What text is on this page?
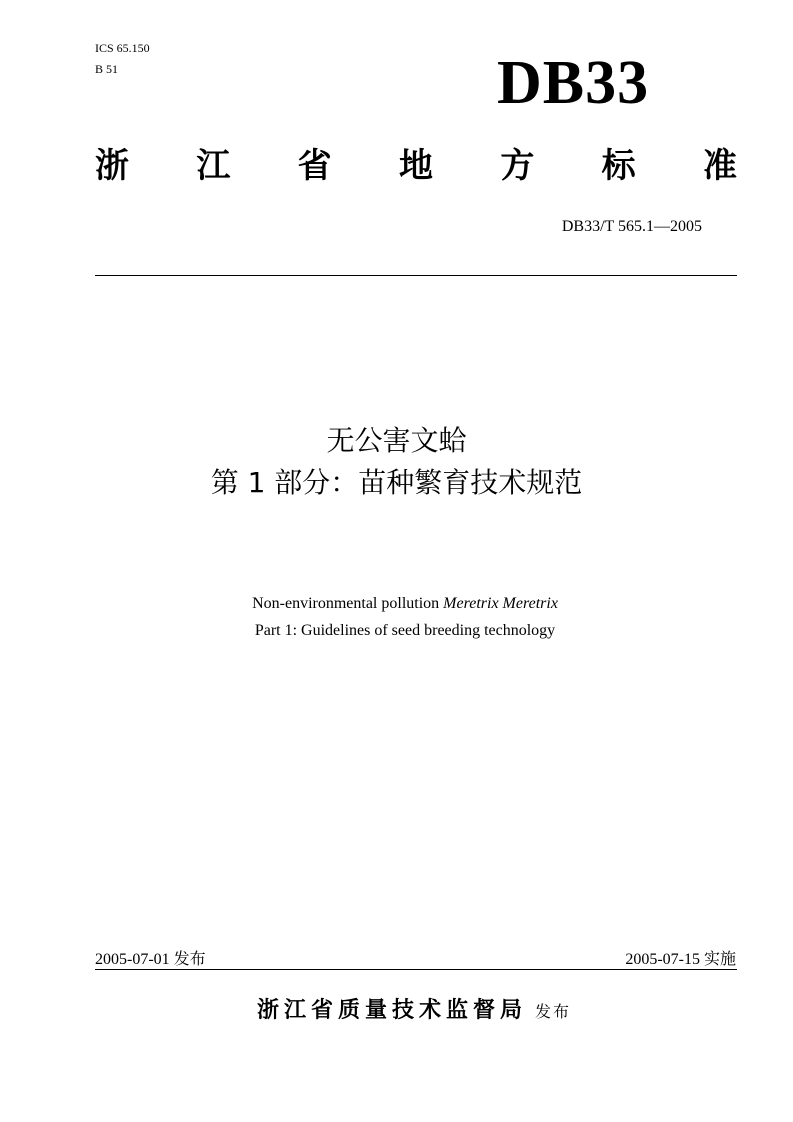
ICS 65.150
B 51	DB33
浙 江 省 地 方 标 准
DB33/T 565.1—2005
无公害文蛤
第 1 部分：苗种繁育技术规范
Non-environmental pollution Meretrix Meretrix
Part 1: Guidelines of seed breeding technology
2005-07-01 发布	2005-07-15 实施
浙江省质量技术监督局 发布
